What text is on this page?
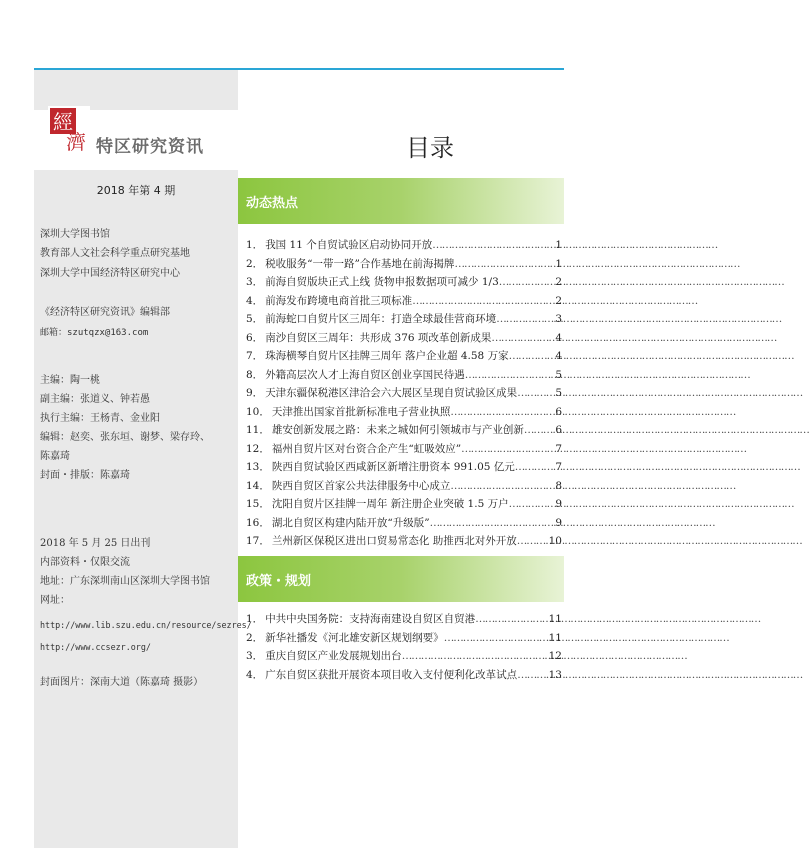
經
濟 特区研究资讯
2018 年第 4 期
深圳大学图书馆
教育部人文社会科学重点研究基地
深圳大学中国经济特区研究中心
《经济特区研究资讯》编辑部
邮箱：szutqzx@163.com
主编：陶一桃
副主编：张道义、钟若愚
执行主编：王杨青、金业阳
编辑：赵奕、张东垣、谢梦、梁存玲、
陈嘉琦
封面・排版：陈嘉琦
2018 年 5 月 25 日出刊
内部资料・仅限交流
地址：广东深圳南山区深圳大学图书馆
网址：
http://www.lib.szu.edu.cn/resource/sezres/
http://www.ccsezr.org/
封面图片：深南大道（陈嘉琦 摄影）
目录
动态热点
1． 我国 11 个自贸试验区启动协同开放 ………………………………………………………………………………	1
2． 税收服务“一带一路”合作基地在前海揭牌 ………………………………………………………………………………	1
3． 前海自贸版块正式上线 货物申报数据项可减少 1/3 ………………………………………………………………………………	2
4． 前海发布跨境电商首批三项标准 ………………………………………………………………………………	2
5． 前海蛇口自贸片区三周年：打造全球最佳营商环境 ………………………………………………………………………………	3
6． 南沙自贸区三周年：共形成 376 项改革创新成果 ………………………………………………………………………………	4
7． 珠海横琴自贸片区挂牌三周年 落户企业超 4.58 万家 ………………………………………………………………………………	4
8． 外籍高层次人才上海自贸区创业享国民待遇 ………………………………………………………………………………	5
9． 天津东疆保税港区津洽会六大展区呈现自贸试验区成果 ………………………………………………………………………………	5
10． 天津推出国家首批新标准电子营业执照 ………………………………………………………………………………	6
11． 雄安创新发展之路：未来之城如何引领城市与产业创新 ………………………………………………………………………………	6
12． 福州自贸片区对台资合企产生“虹吸效应” ………………………………………………………………………………	7
13． 陕西自贸试验区西咸新区新增注册资本 991.05 亿元 ………………………………………………………………………………	7
14． 陕西自贸区首家公共法律服务中心成立 ………………………………………………………………………………	8
15． 沈阳自贸片区挂牌一周年 新注册企业突破 1.5 万户 ………………………………………………………………………………	9
16． 湖北自贸区构建内陆开放“升级版” ………………………………………………………………………………	9
17． 兰州新区保税区进出口贸易常态化 助推西北对外开放 ………………………………………………………………………………	10
政策・规划
1． 中共中央国务院：支持海南建设自贸区自贸港 ………………………………………………………………………………	11
2． 新华社播发《河北雄安新区规划纲要》 ………………………………………………………………………………	11
3． 重庆自贸区产业发展规划出台 ………………………………………………………………………………	12
4． 广东自贸区获批开展资本项目收入支付便利化改革试点 ………………………………………………………………………………	13
